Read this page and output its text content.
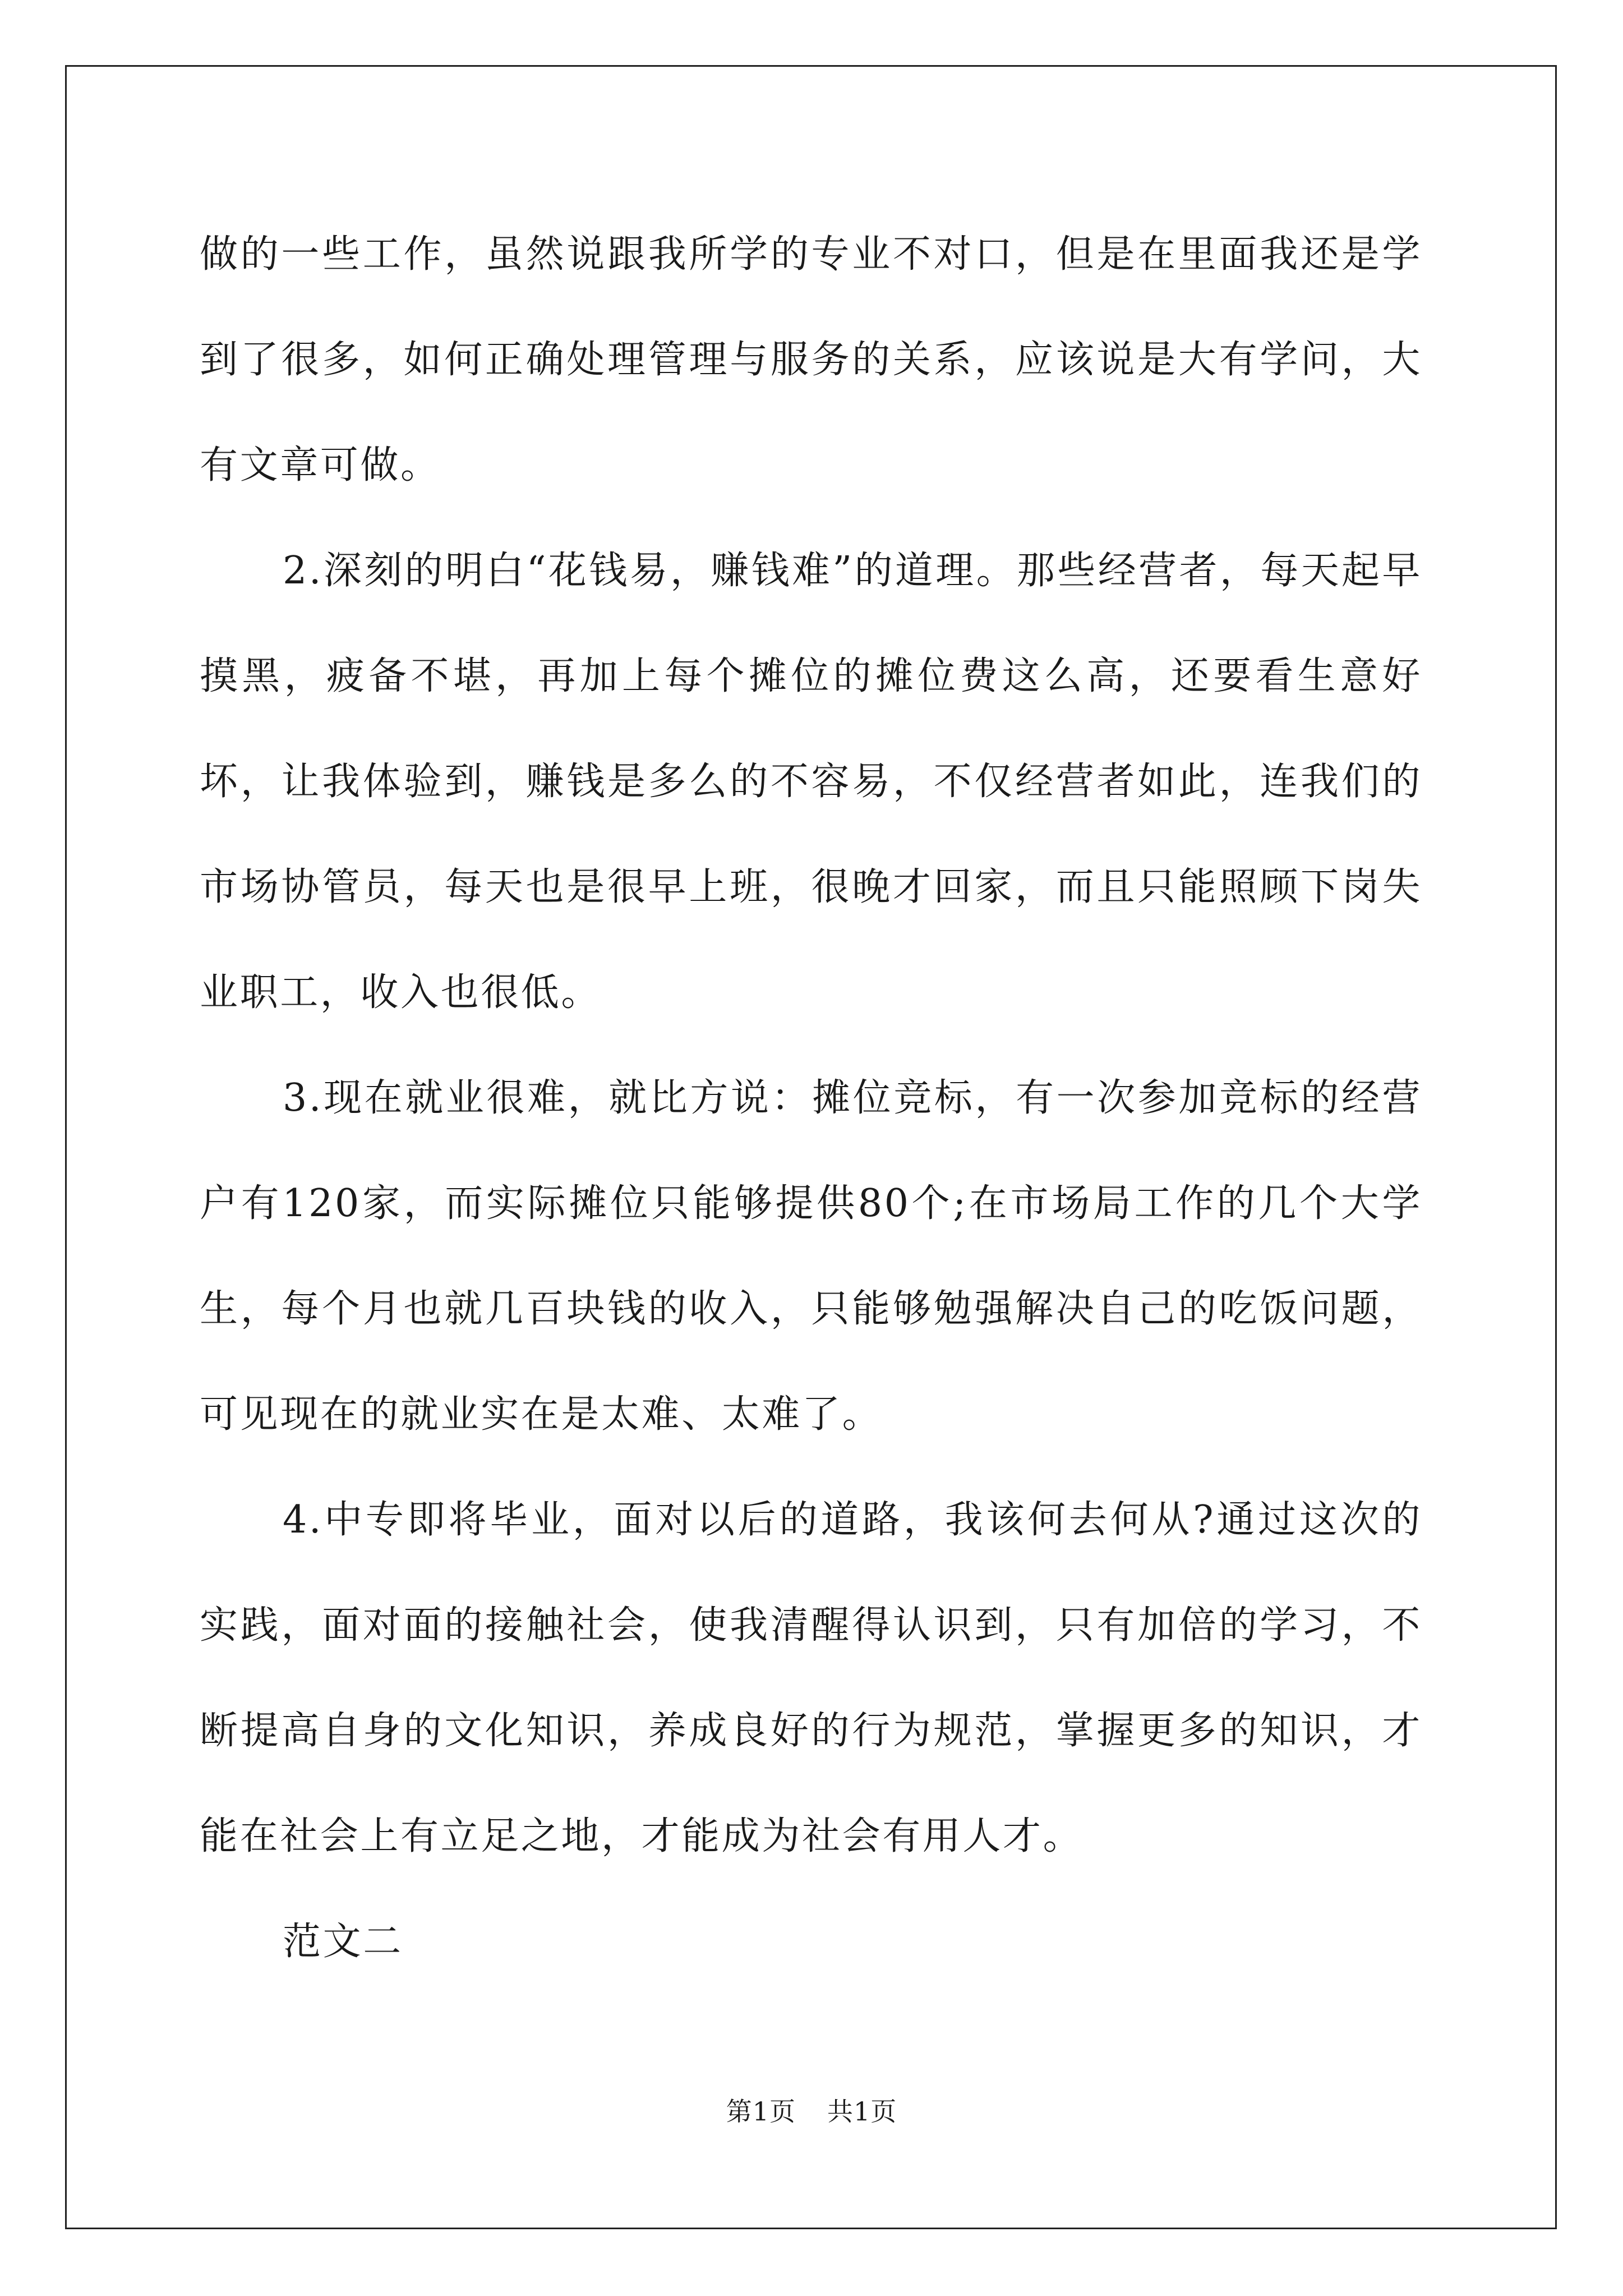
做的一些工作，虽然说跟我所学的专业不对口，但是在里面我还是学到了很多，如何正确处理管理与服务的关系，应该说是大有学问，大有文章可做。

2.深刻的明白“花钱易，赚钱难”的道理。那些经营者，每天起早摸黑，疲备不堪，再加上每个摊位的摊位费这么高，还要看生意好坏，让我体验到，赚钱是多么的不容易，不仅经营者如此，连我们的市场协管员，每天也是很早上班，很晚才回家，而且只能照顾下岗失业职工，收入也很低。

3.现在就业很难，就比方说：摊位竞标，有一次参加竞标的经营户有120家，而实际摊位只能够提供80个;在市场局工作的几个大学生，每个月也就几百块钱的收入，只能够勉强解决自己的吃饭问题，可见现在的就业实在是太难、太难了。

4.中专即将毕业，面对以后的道路，我该何去何从?通过这次的实践，面对面的接触社会，使我清醒得认识到，只有加倍的学习，不断提高自身的文化知识，养成良好的行为规范，掌握更多的知识，才能在社会上有立足之地，才能成为社会有用人才。

范文二

第1页 共1页
